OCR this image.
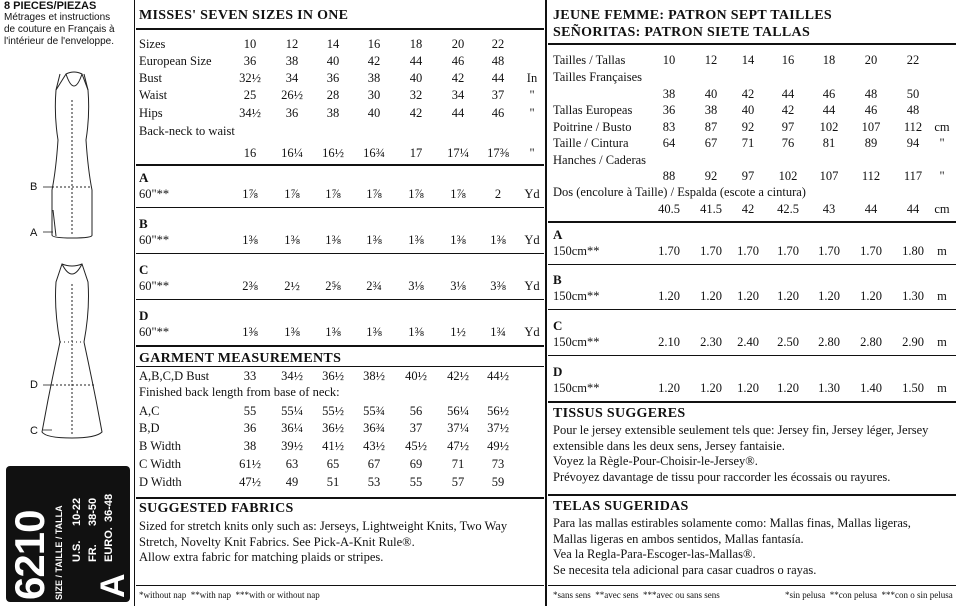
8 PIECES/PIEZAS
Métrages et instructions
de couture en Français à
l'intérieur de l'enveloppe.
B
A
D
C
6210 A
SIZE / TAILLE / TALLA U.S.
10-22
FR.
38-50
EURO.
36-48
MISSES' SEVEN SIZES IN ONE
Sizes	10 12 14 16 18 20 22
European Size	36 38 40 42 44 46 48
Bust	32½ 34 36 38 40 42 44 In
Waist	25 26½ 28 30 32 34 37 "
Hips	34½ 36 38 40 42 44 46 "
Back-neck to waist
16 16¼ 16½ 16¾ 17 17¼ 17⅜ "
A
60"**	1⅞ 1⅞ 1⅞ 1⅞ 1⅞ 1⅞ 2 Yd
B
60"**	1⅜ 1⅜ 1⅜ 1⅜ 1⅜ 1⅜ 1⅜ Yd
C
60"**	2⅜ 2½ 2⅝ 2¾ 3⅛ 3⅛ 3⅜ Yd
D
60"**	1⅜ 1⅜ 1⅜ 1⅜ 1⅜ 1½ 1¾ Yd
GARMENT MEASUREMENTS
A,B,C,D Bust	33 34½ 36½ 38½ 40½ 42½ 44½
Finished back length from base of neck:
A,C	55 55¼ 55½ 55¾ 56 56¼ 56½
B,D	36 36¼ 36½ 36¾ 37 37¼ 37½
B Width	38 39½ 41½ 43½ 45½ 47½ 49½
C Width	61½ 63 65 67 69 71 73
D Width	47½ 49 51 53 55 57 59
SUGGESTED FABRICS
Sized for stretch knits only such as: Jerseys, Lightweight Knits, Two Way
Stretch, Novelty Knit Fabrics. See Pick-A-Knit Rule®.
Allow extra fabric for matching plaids or stripes.
*without nap  **with nap  ***with or without nap
JEUNE FEMME: PATRON SEPT TAILLES
SEÑORITAS: PATRON SIETE TALLAS
Tailles / Tallas	10 12 14 16 18 20 22
Tailles Françaises
38 40 42 44 46 48 50
Tallas Europeas 36 38 40 42 44 46 48
Poitrine / Busto	83 87 92 97 102 107 112 cm
Taille / Cintura	64 67 71 76 81 89 94 "
Hanches / Caderas
88 92 97 102 107 112 117 "
Dos (encolure à Taille) / Espalda (escote a cintura)
40.5 41.5 42 42.5 43 44 44 cm
A
150cm**	1.70 1.70 1.70 1.70 1.70 1.70 1.80 m
B
150cm**	1.20 1.20 1.20 1.20 1.20 1.20 1.30 m
C
150cm**	2.10 2.30 2.40 2.50 2.80 2.80 2.90 m
D
150cm**	1.20 1.20 1.20 1.20 1.30 1.40 1.50 m
TISSUS SUGGERES
Pour le jersey extensible seulement tels que: Jersey fin, Jersey léger, Jersey
extensible dans les deux sens, Jersey fantaisie.
Voyez la Règle-Pour-Choisir-le-Jersey®.
Prévoyez davantage de tissu pour raccorder les écossais ou rayures.
TELAS SUGERIDAS
Para las mallas estirables solamente como: Mallas finas, Mallas ligeras,
Mallas ligeras en ambos sentidos, Mallas fantasía.
Vea la Regla-Para-Escoger-las-Mallas®.
Se necesita tela adicional para casar cuadros o rayas.
*sans sens  **avec sens  ***avec ou sans sens	*sin pelusa  **con pelusa  ***con o sin pelusa
